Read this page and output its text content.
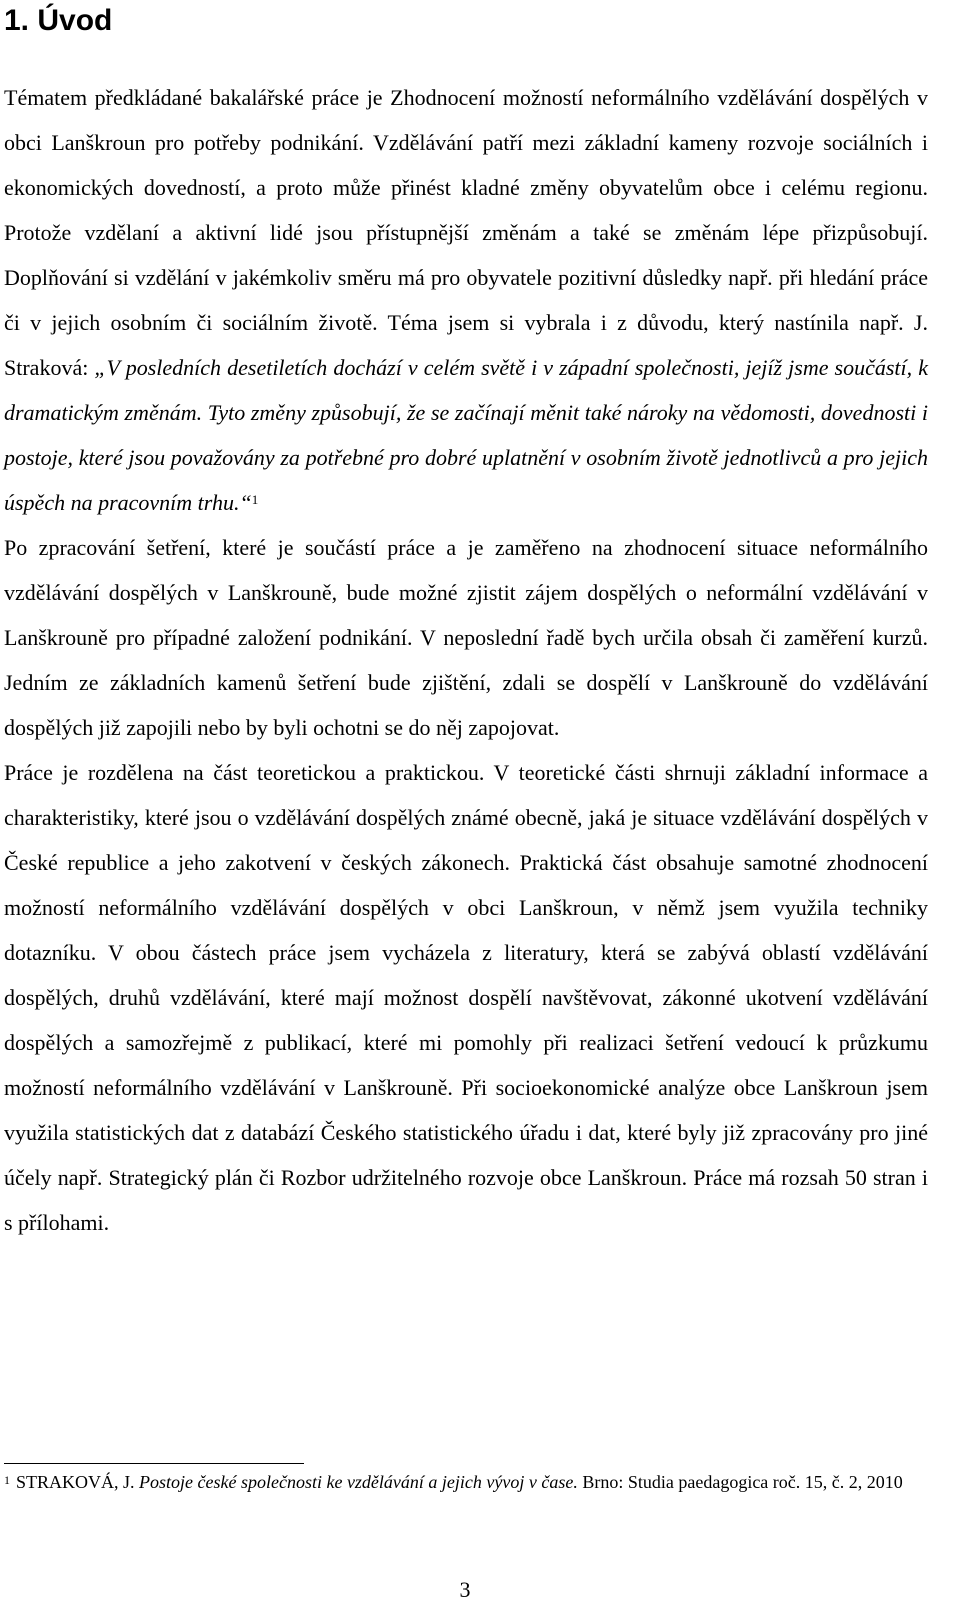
1. Úvod

Tématem předkládané bakalářské práce je Zhodnocení možností neformálního vzdělávání dospělých v obci Lanškroun pro potřeby podnikání. Vzdělávání patří mezi základní kameny rozvoje sociálních i ekonomických dovedností, a proto může přinést kladné změny obyvatelům obce i celému regionu. Protože vzdělaní a aktivní lidé jsou přístupnější změnám a také se změnám lépe přizpůsobují. Doplňování si vzdělání v jakémkoliv směru má pro obyvatele pozitivní důsledky např. při hledání práce či v jejich osobním či sociálním životě. Téma jsem si vybrala i z důvodu, který nastínila např. J. Straková: „V posledních desetiletích dochází v celém světě i v západní společnosti, jejíž jsme součástí, k dramatickým změnám. Tyto změny způsobují, že se začínají měnit také nároky na vědomosti, dovednosti i postoje, které jsou považovány za potřebné pro dobré uplatnění v osobním životě jednotlivců a pro jejich úspěch na pracovním trhu.“$^1$

Po zpracování šetření, které je součástí práce a je zaměřeno na zhodnocení situace neformálního vzdělávání dospělých v Lanškrouně, bude možné zjistit zájem dospělých o neformální vzdělávání v Lanškrouně pro případné založení podnikání. V neposlední řadě bych určila obsah či zaměření kurzů. Jedním ze základních kamenů šetření bude zjištění, zdali se dospělí v Lanškrouně do vzdělávání dospělých již zapojili nebo by byli ochotni se do něj zapojovat.

Práce je rozdělena na část teoretickou a praktickou. V teoretické části shrnuji základní informace a charakteristiky, které jsou o vzdělávání dospělých známé obecně, jaká je situace vzdělávání dospělých v České republice a jeho zakotvení v českých zákonech. Praktická část obsahuje samotné zhodnocení možností neformálního vzdělávání dospělých v obci Lanškroun, v němž jsem využila techniky dotazníku. V obou částech práce jsem vycházela z literatury, která se zabývá oblastí vzdělávání dospělých, druhů vzdělávání, které mají možnost dospělí navštěvovat, zákonné ukotvení vzdělávání dospělých a samozřejmě z publikací, které mi pomohly při realizaci šetření vedoucí k průzkumu možností neformálního vzdělávání v Lanškrouně. Při socioekonomické analýze obce Lanškroun jsem využila statistických dat z databází Českého statistického úřadu i dat, které byly již zpracovány pro jiné účely např. Strategický plán či Rozbor udržitelného rozvoje obce Lanškroun. Práce má rozsah 50 stran i s přílohami.

$^1$ STRAKOVÁ, J. Postoje české společnosti ke vzdělávání a jejich vývoj v čase. Brno: Studia paedagogica roč. 15, č. 2, 2010

3
